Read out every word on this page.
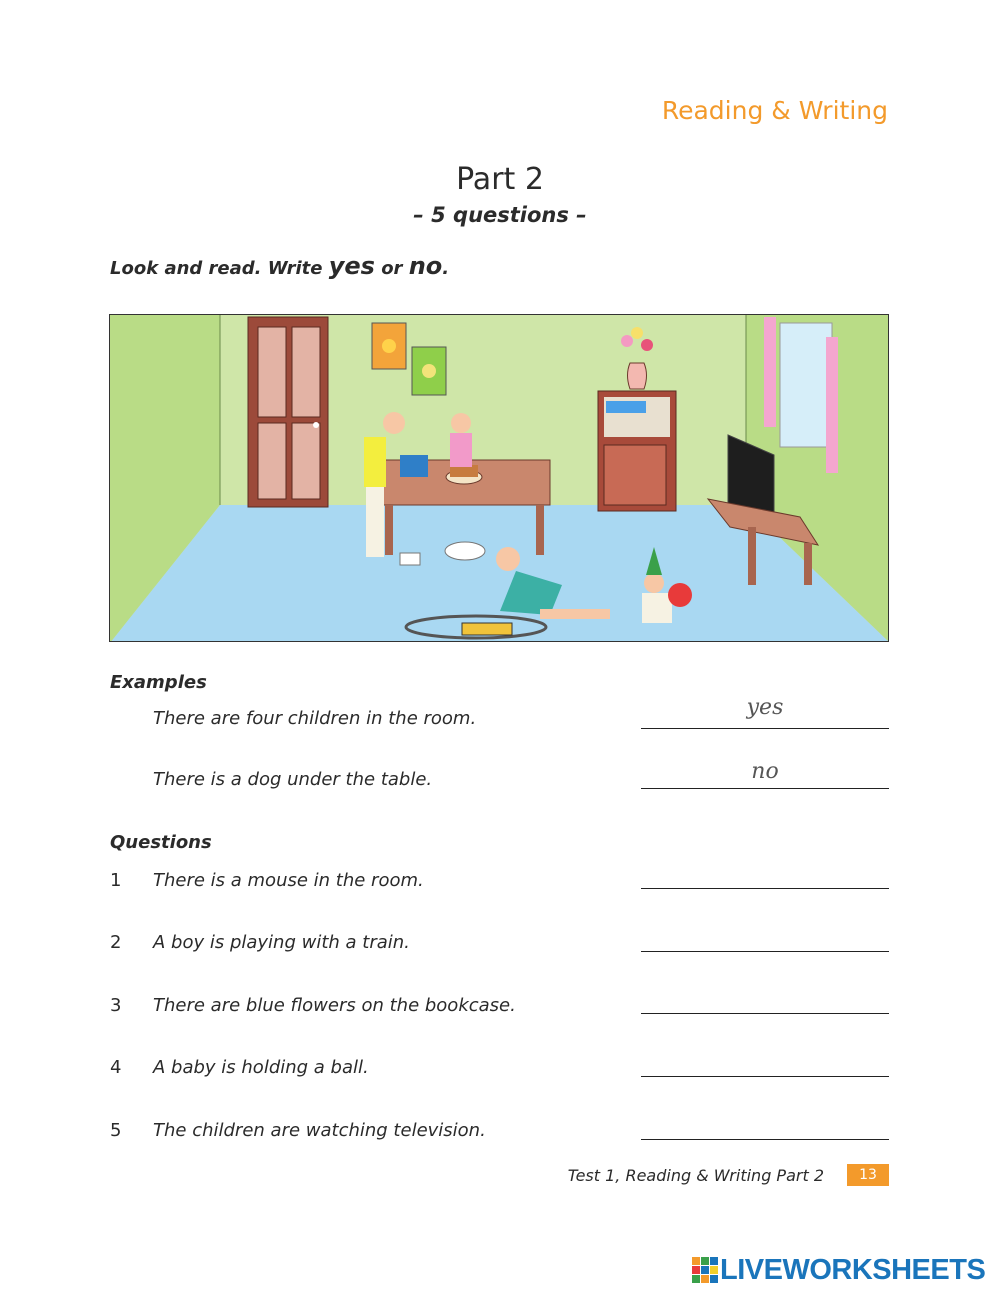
Reading & Writing
Part 2
– 5 questions –
Look and read. Write yes or no.
Examples
There are four children in the room.	yes
There is a dog under the table.	no
Questions
1 There is a mouse in the room.
2 A boy is playing with a train.
3 There are blue flowers on the bookcase.
4 A baby is holding a ball.
5 The children are watching television.
Test 1, Reading & Writing Part 2	13
LIVEWORKSHEETS
